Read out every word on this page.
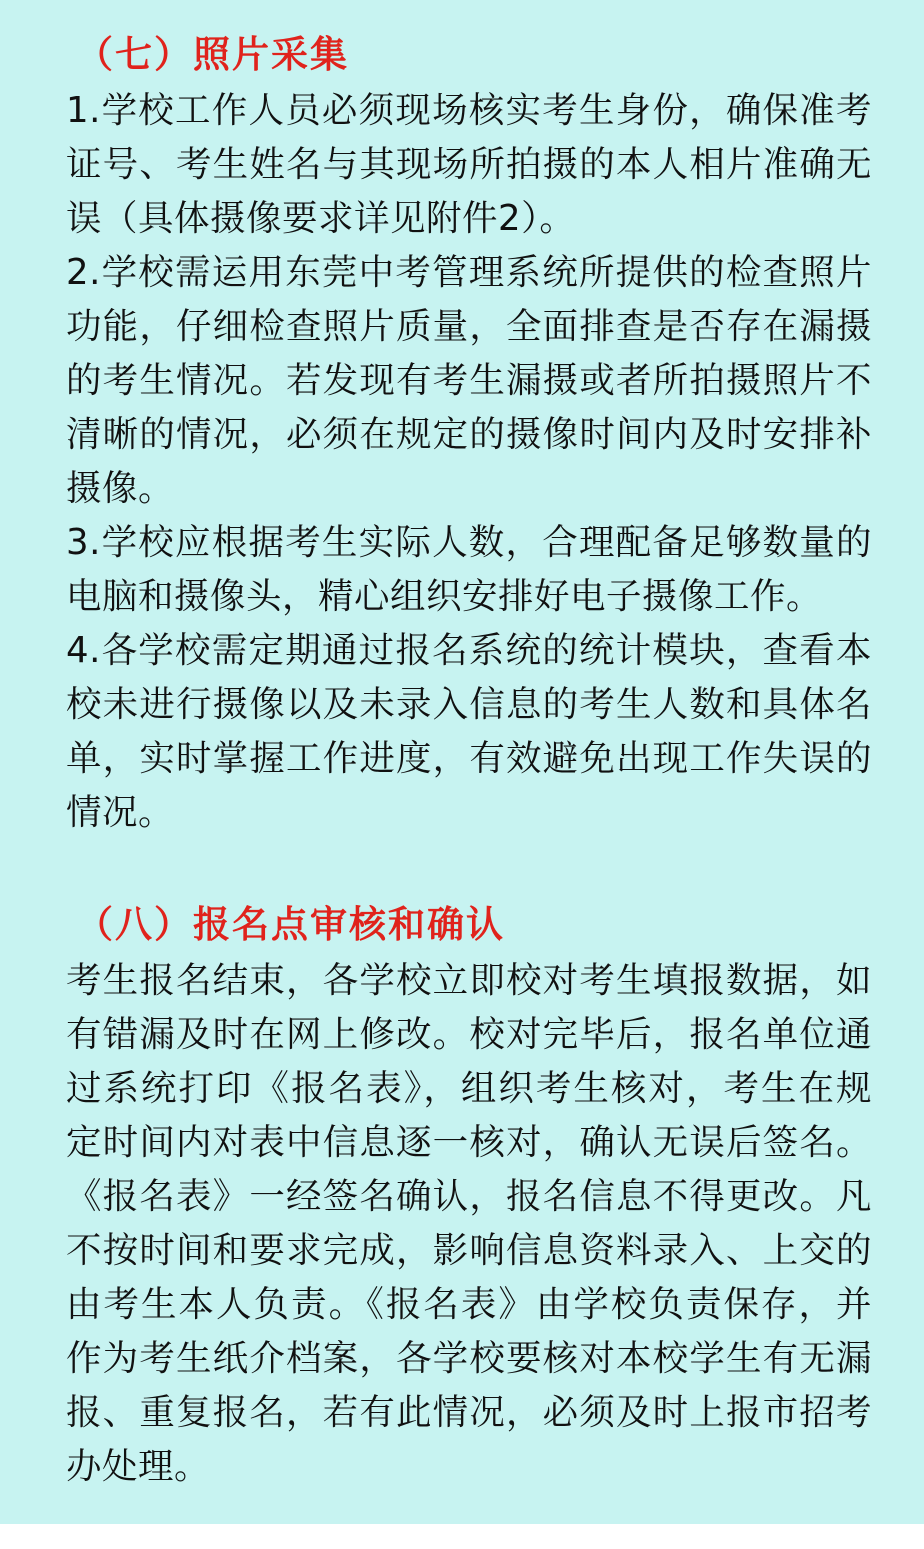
（七）照片采集

1.学校工作人员必须现场核实考生身份，确保准考证号、考生姓名与其现场所拍摄的本人相片准确无误（具体摄像要求详见附件2）。

2.学校需运用东莞中考管理系统所提供的检查照片功能，仔细检查照片质量，全面排查是否存在漏摄的考生情况。若发现有考生漏摄或者所拍摄照片不清晰的情况，必须在规定的摄像时间内及时安排补摄像。

3.学校应根据考生实际人数，合理配备足够数量的电脑和摄像头，精心组织安排好电子摄像工作。

4.各学校需定期通过报名系统的统计模块，查看本校未进行摄像以及未录入信息的考生人数和具体名单，实时掌握工作进度，有效避免出现工作失误的情况。

（八）报名点审核和确认

考生报名结束，各学校立即校对考生填报数据，如有错漏及时在网上修改。校对完毕后，报名单位通过系统打印《报名表》，组织考生核对，考生在规定时间内对表中信息逐一核对，确认无误后签名。《报名表》一经签名确认，报名信息不得更改。凡不按时间和要求完成，影响信息资料录入、上交的由考生本人负责。《报名表》由学校负责保存，并作为考生纸介档案，各学校要核对本校学生有无漏报、重复报名，若有此情况，必须及时上报市招考办处理。
